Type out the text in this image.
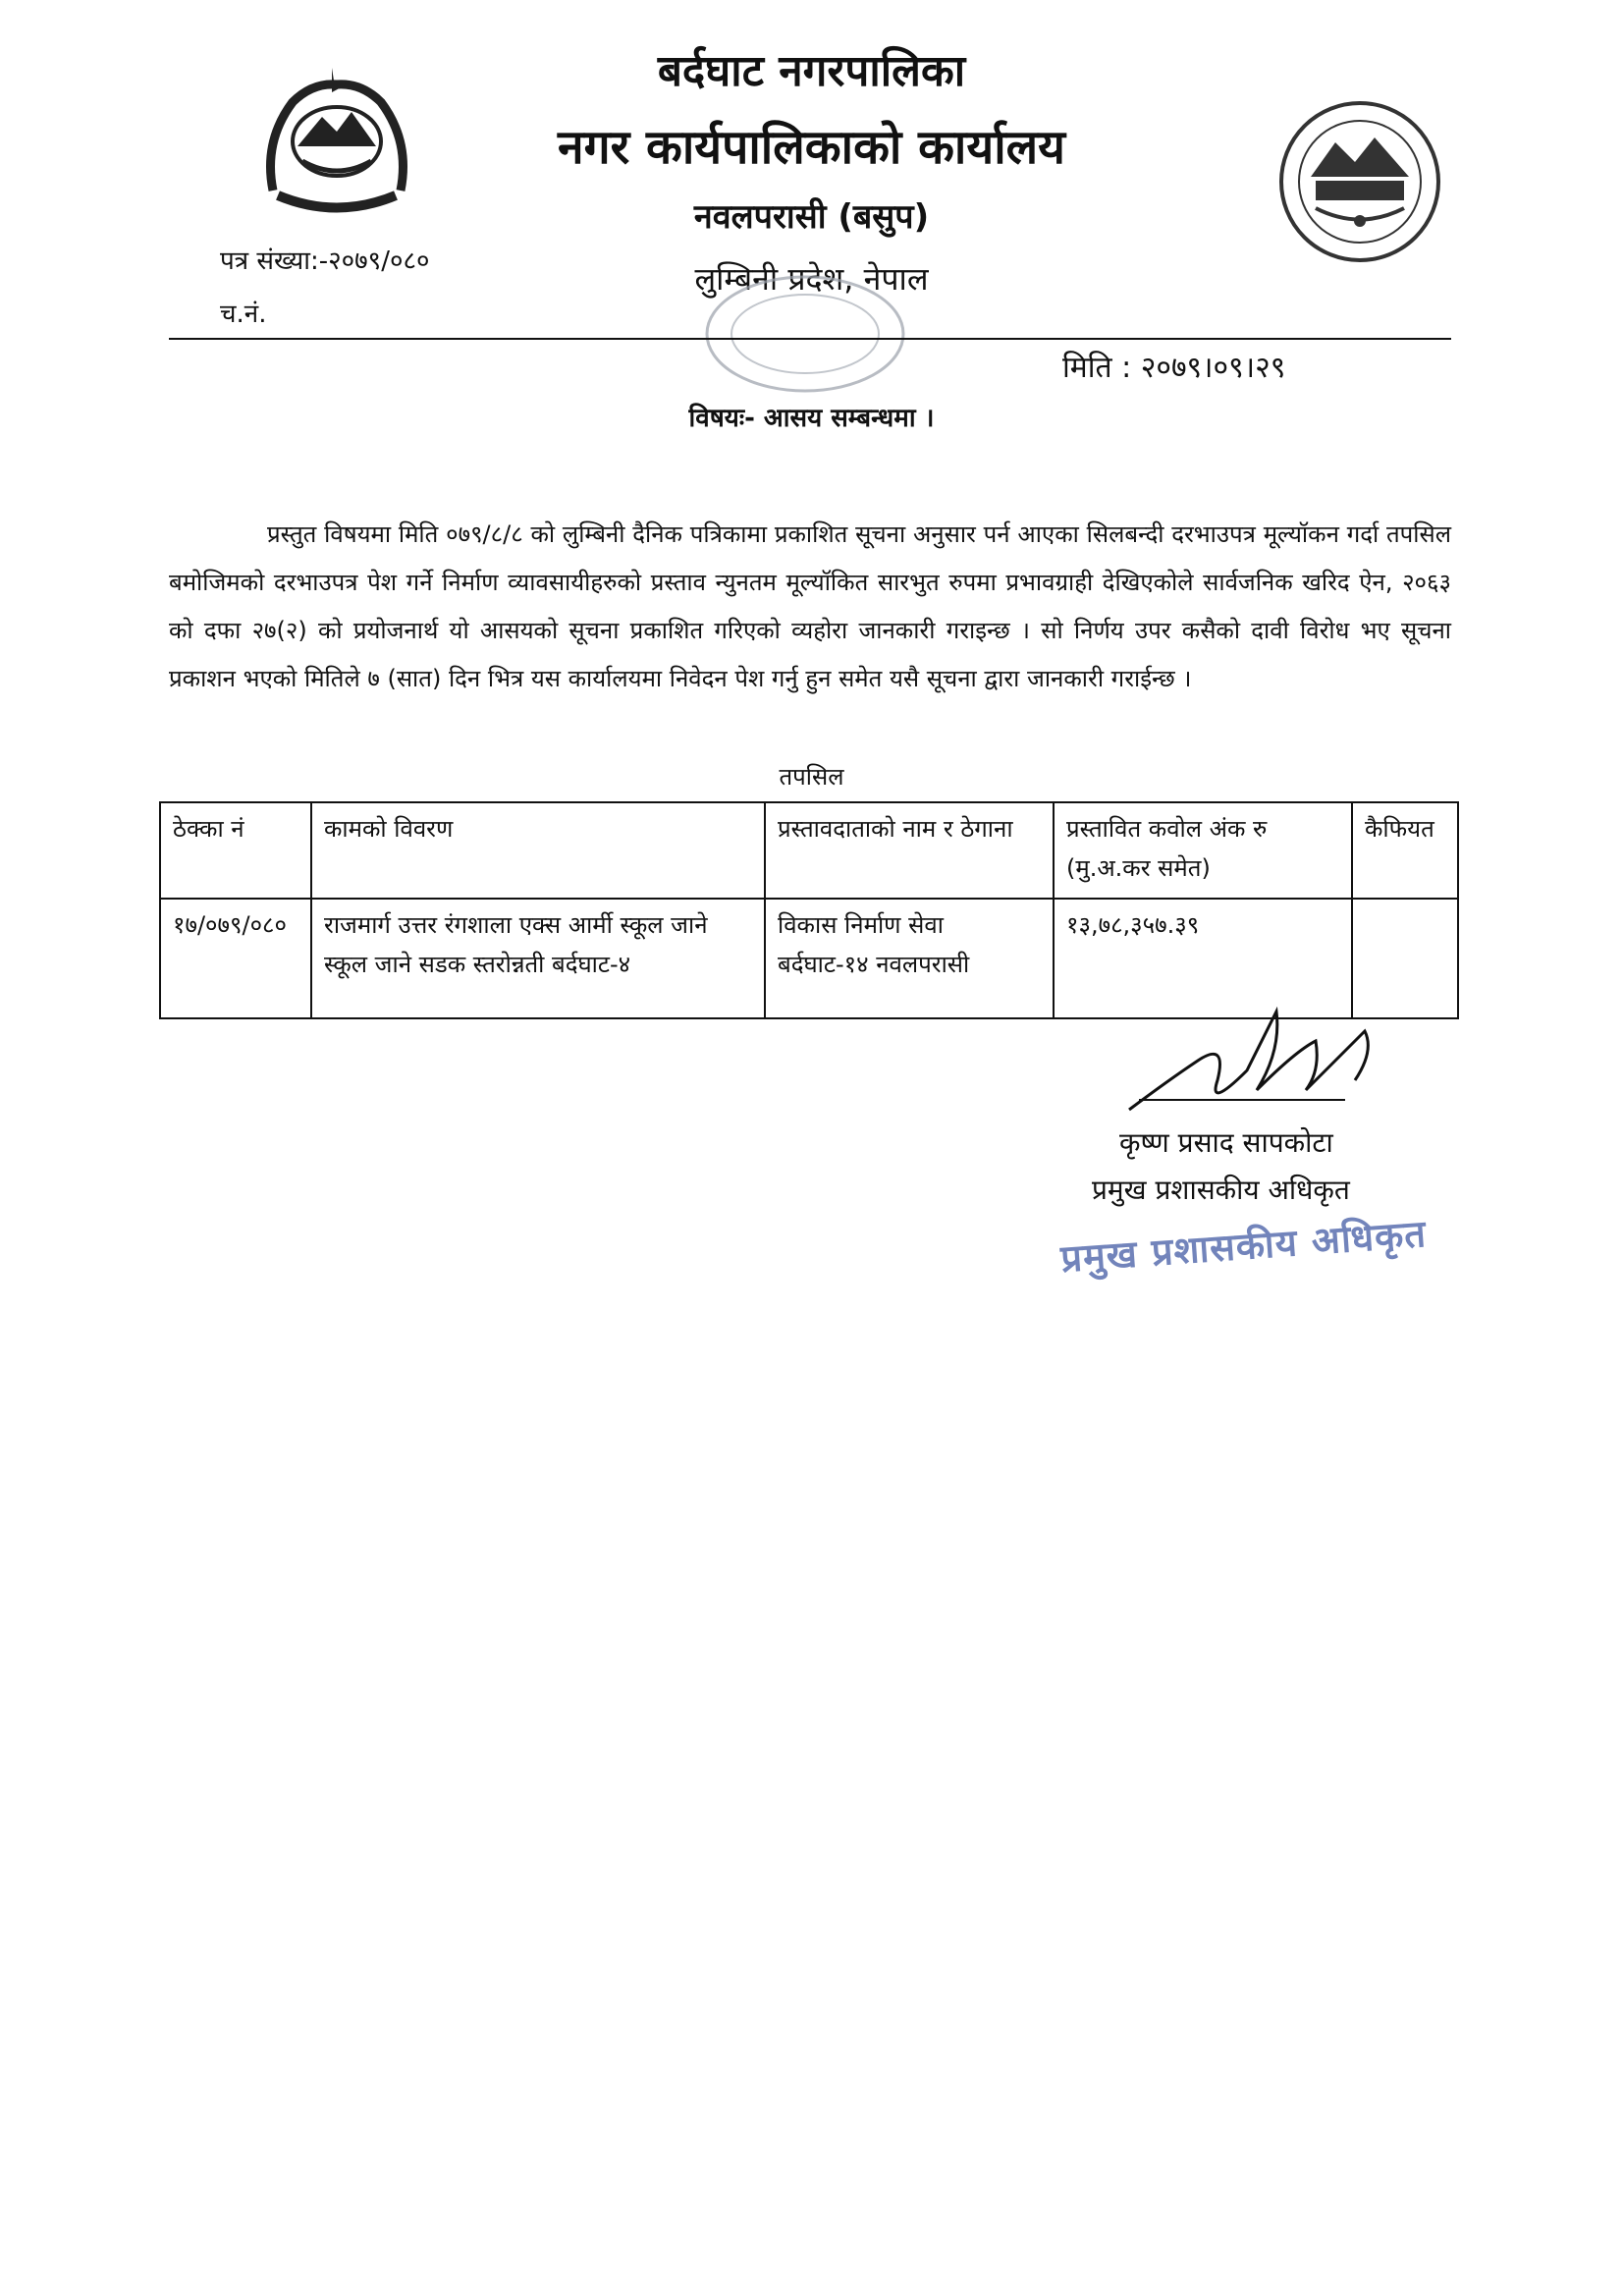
बर्दघाट नगरपालिका
नगर कार्यपालिकाको कार्यालय
नवलपरासी (बसुप)
लुम्बिनी प्रदेश, नेपाल
पत्र संख्या:-२०७९/०८०
च.नं.
मिति : २०७९।०९।२९
विषयः- आसय सम्बन्धमा ।
प्रस्तुत विषयमा मिति ०७९/८/८ को लुम्बिनी दैनिक पत्रिकामा प्रकाशित सूचना अनुसार पर्न आएका सिलबन्दी दरभाउपत्र मूल्यॉकन गर्दा तपसिल बमोजिमको दरभाउपत्र पेश गर्ने निर्माण व्यावसायीहरुको प्रस्ताव न्युनतम मूल्यॉकित सारभुत रुपमा प्रभावग्राही देखिएकोले सार्वजनिक खरिद ऐन, २०६३ को दफा २७(२) को प्रयोजनार्थ यो आसयको सूचना प्रकाशित गरिएको व्यहोरा जानकारी गराइन्छ । सो निर्णय उपर कसैको दावी विरोध भए सूचना प्रकाशन भएको मितिले ७ (सात) दिन भित्र यस कार्यालयमा निवेदन पेश गर्नु हुन समेत यसै सूचना द्वारा जानकारी गराईन्छ ।
तपसिल
ठेक्का नं	कामको विवरण	प्रस्तावदाताको नाम र ठेगाना	प्रस्तावित कवोल अंक रु (मु.अ.कर समेत)	कैफियत
१७/०७९/०८०	राजमार्ग उत्तर रंगशाला एक्स आर्मी स्कूल जाने स्कूल जाने सडक स्तरोन्नती बर्दघाट-४	विकास निर्माण सेवा बर्दघाट-१४ नवलपरासी	१३,७८,३५७.३९	
कृष्ण प्रसाद सापकोटा
प्रमुख प्रशासकीय अधिकृत
प्रमुख प्रशासकीय अधिकृत
